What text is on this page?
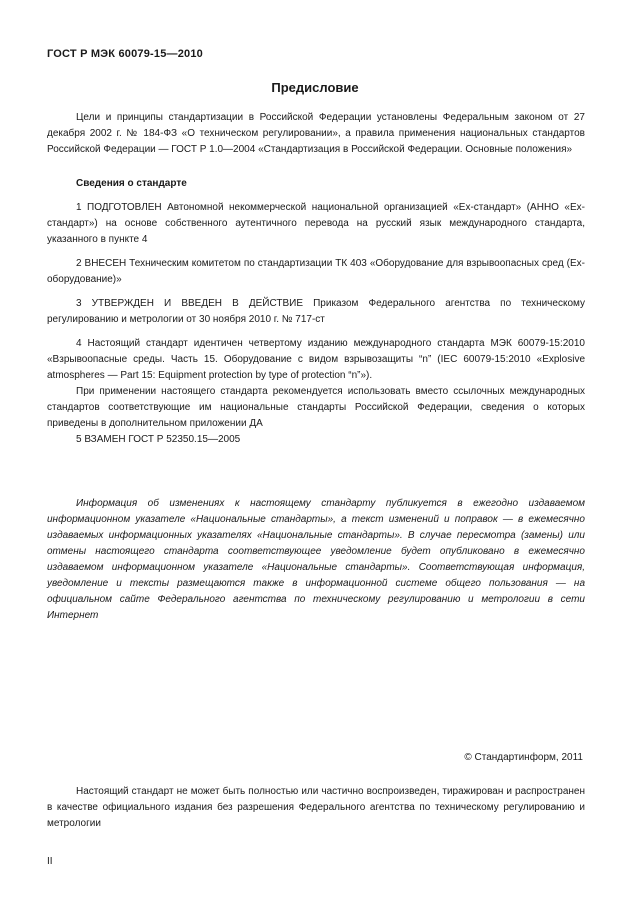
ГОСТ Р МЭК 60079-15—2010
Предисловие

Цели и принципы стандартизации в Российской Федерации установлены Федеральным законом от 27 декабря 2002 г. № 184-ФЗ «О техническом регулировании», а правила применения национальных стандартов Российской Федерации — ГОСТ Р 1.0—2004 «Стандартизация в Российской Федерации. Основные положения»

Сведения о стандарте

1 ПОДГОТОВЛЕН Автономной некоммерческой национальной организацией «Ех-стандарт» (АННО «Ех-стандарт») на основе собственного аутентичного перевода на русский язык международного стандарта, указанного в пункте 4

2 ВНЕСЕН Техническим комитетом по стандартизации ТК 403 «Оборудование для взрывоопасных сред (Ех-оборудование)»

3 УТВЕРЖДЕН И ВВЕДЕН В ДЕЙСТВИЕ Приказом Федерального агентства по техническому регулированию и метрологии от 30 ноября 2010 г. № 717-ст

4 Настоящий стандарт идентичен четвертому изданию международного стандарта МЭК 60079-15:2010 «Взрывоопасные среды. Часть 15. Оборудование с видом взрывозащиты “n” (IEC 60079-15:2010 «Explosive atmospheres — Part 15: Equipment protection by type of protection “n”»).

При применении настоящего стандарта рекомендуется использовать вместо ссылочных международных стандартов соответствующие им национальные стандарты Российской Федерации, сведения о которых приведены в дополнительном приложении ДА

5 ВЗАМЕН ГОСТ Р 52350.15—2005

Информация об изменениях к настоящему стандарту публикуется в ежегодно издаваемом информационном указателе «Национальные стандарты», а текст изменений и поправок — в ежемесячно издаваемых информационных указателях «Национальные стандарты». В случае пересмотра (замены) или отмены настоящего стандарта соответствующее уведомление будет опубликовано в ежемесячно издаваемом информационном указателе «Национальные стандарты». Соответствующая информация, уведомление и тексты размещаются также в информационной системе общего пользования — на официальном сайте Федерального агентства по техническому регулированию и метрологии в сети Интернет

© Стандартинформ, 2011

Настоящий стандарт не может быть полностью или частично воспроизведен, тиражирован и распространен в качестве официального издания без разрешения Федерального агентства по техническому регулированию и метрологии

II
